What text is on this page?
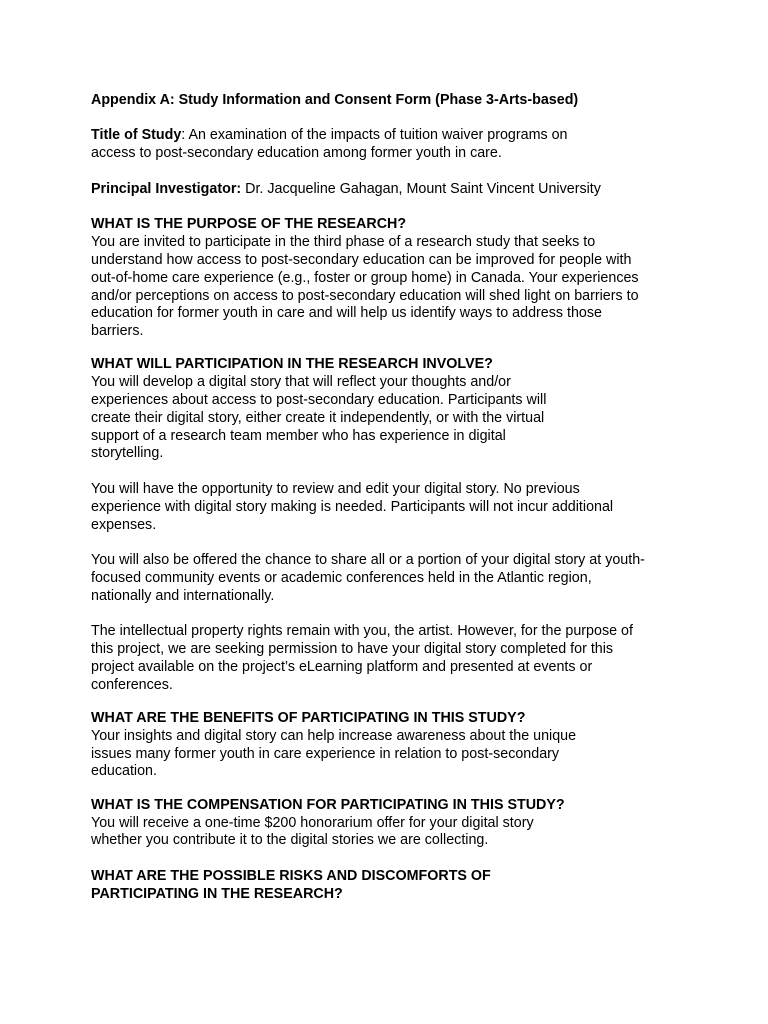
Appendix A: Study Information and Consent Form (Phase 3-Arts-based)
Title of Study: An examination of the impacts of tuition waiver programs on
access to post-secondary education among former youth in care.
Principal Investigator: Dr. Jacqueline Gahagan, Mount Saint Vincent University
WHAT IS THE PURPOSE OF THE RESEARCH?
You are invited to participate in the third phase of a research study that seeks to
understand how access to post-secondary education can be improved for people with
out-of-home care experience (e.g., foster or group home) in Canada. Your experiences
and/or perceptions on access to post-secondary education will shed light on barriers to
education for former youth in care and will help us identify ways to address those
barriers.
WHAT WILL PARTICIPATION IN THE RESEARCH INVOLVE?
You will develop a digital story that will reflect your thoughts and/or
experiences about access to post-secondary education. Participants will
create their digital story, either create it independently, or with the virtual
support of a research team member who has experience in digital
storytelling.
You will have the opportunity to review and edit your digital story. No previous
experience with digital story making is needed. Participants will not incur additional
expenses.
You will also be offered the chance to share all or a portion of your digital story at youth-
focused community events or academic conferences held in the Atlantic region,
nationally and internationally.
The intellectual property rights remain with you, the artist. However, for the purpose of
this project, we are seeking permission to have your digital story completed for this
project available on the project’s eLearning platform and presented at events or
conferences.
WHAT ARE THE BENEFITS OF PARTICIPATING IN THIS STUDY?
Your insights and digital story can help increase awareness about the unique
issues many former youth in care experience in relation to post-secondary
education.
WHAT IS THE COMPENSATION FOR PARTICIPATING IN THIS STUDY?
You will receive a one-time $200 honorarium offer for your digital story
whether you contribute it to the digital stories we are collecting.
WHAT ARE THE POSSIBLE RISKS AND DISCOMFORTS OF
PARTICIPATING IN THE RESEARCH?
